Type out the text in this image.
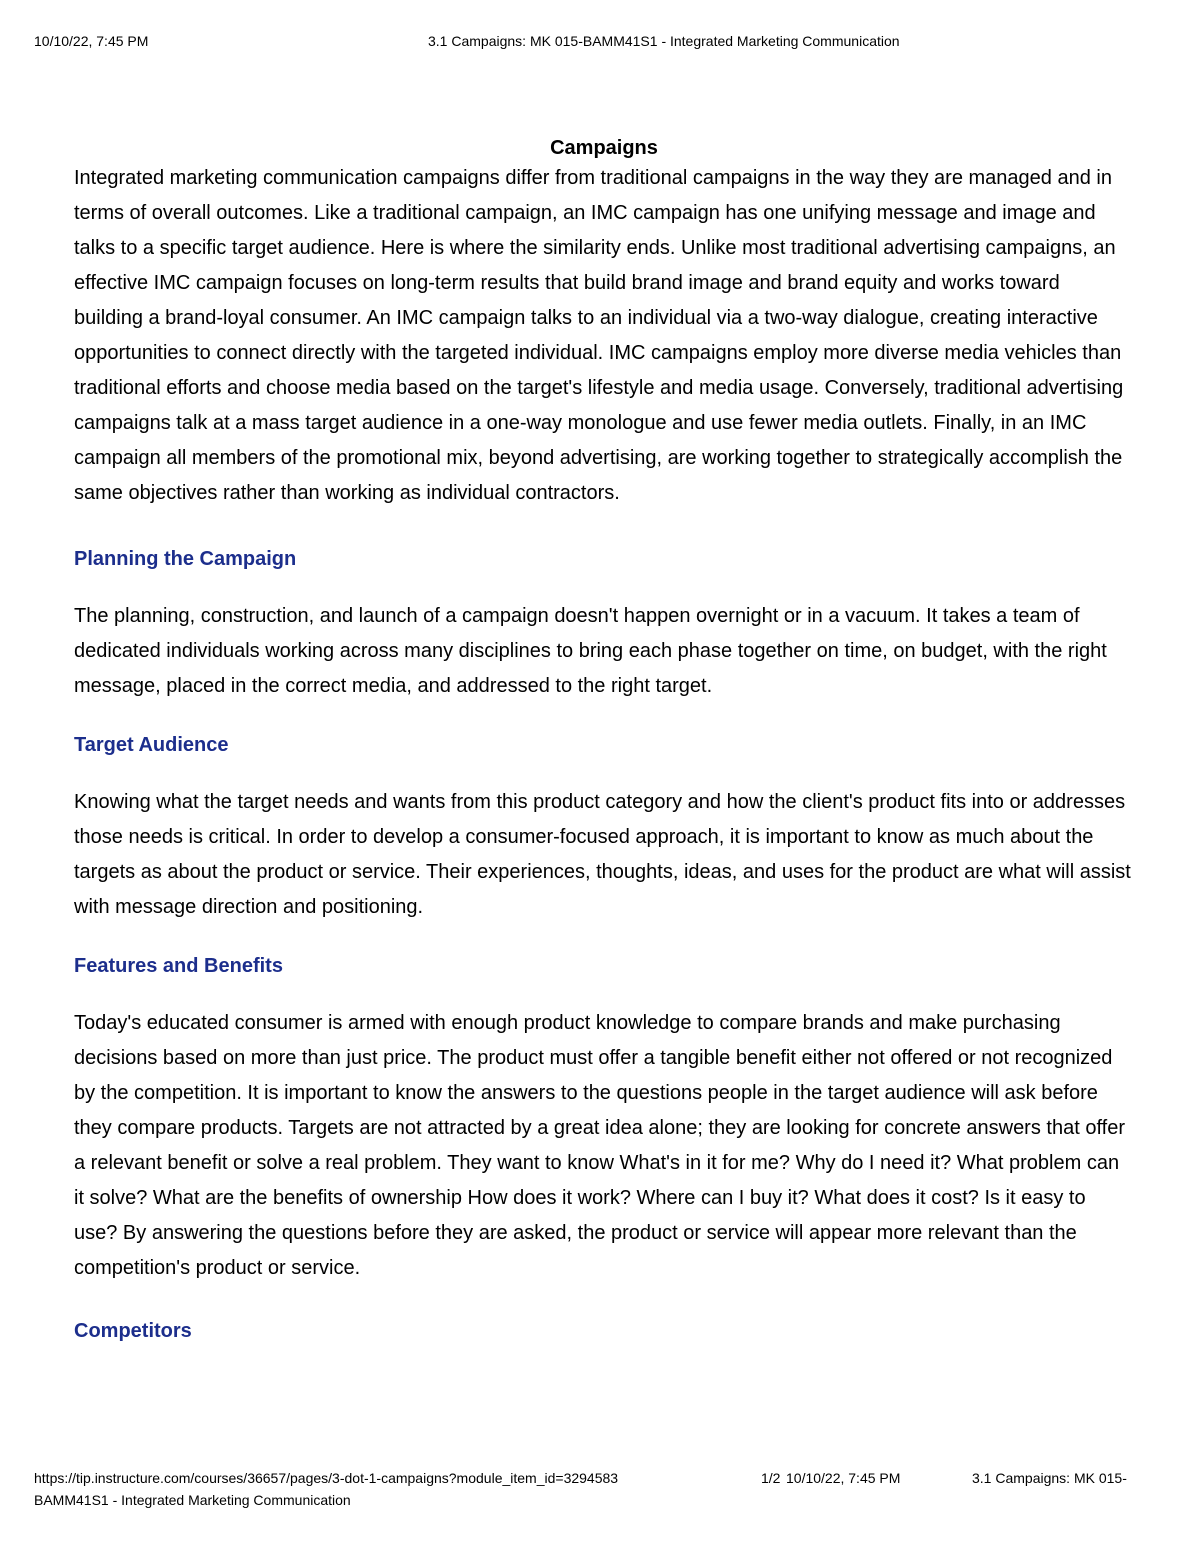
10/10/22, 7:45 PM	3.1 Campaigns: MK 015-BAMM41S1 - Integrated Marketing Communication
Campaigns

Integrated marketing communication campaigns differ from traditional campaigns in the way they are managed and in terms of overall outcomes. Like a traditional campaign, an IMC campaign has one unifying message and image and talks to a specific target audience. Here is where the similarity ends. Unlike most traditional advertising campaigns, an effective IMC campaign focuses on long-term results that build brand image and brand equity and works toward building a brand-loyal consumer. An IMC campaign talks to an individual via a two-way dialogue, creating interactive opportunities to connect directly with the targeted individual. IMC campaigns employ more diverse media vehicles than traditional efforts and choose media based on the target's lifestyle and media usage. Conversely, traditional advertising campaigns talk at a mass target audience in a one-way monologue and use fewer media outlets. Finally, in an IMC campaign all members of the promotional mix, beyond advertising, are working together to strategically accomplish the same objectives rather than working as individual contractors.

Planning the Campaign

The planning, construction, and launch of a campaign doesn't happen overnight or in a vacuum. It takes a team of dedicated individuals working across many disciplines to bring each phase together on time, on budget, with the right message, placed in the correct media, and addressed to the right target.

Target Audience

Knowing what the target needs and wants from this product category and how the client's product fits into or addresses those needs is critical. In order to develop a consumer-focused approach, it is important to know as much about the targets as about the product or service. Their experiences, thoughts, ideas, and uses for the product are what will assist with message direction and positioning.

Features and Benefits

Today's educated consumer is armed with enough product knowledge to compare brands and make purchasing decisions based on more than just price. The product must offer a tangible benefit either not offered or not recognized by the competition. It is important to know the answers to the questions people in the target audience will ask before they compare products. Targets are not attracted by a great idea alone; they are looking for concrete answers that offer a relevant benefit or solve a real problem. They want to know What's in it for me? Why do I need it? What problem can it solve? What are the benefits of ownership How does it work? Where can I buy it? What does it cost? Is it easy to use? By answering the questions before they are asked, the product or service will appear more relevant than the competition's product or service.

Competitors
https://tip.instructure.com/courses/36657/pages/3-dot-1-campaigns?module_item_id=3294583	1/2 10/10/22, 7:45 PM	3.1 Campaigns: MK 015-BAMM41S1 - Integrated Marketing Communication
